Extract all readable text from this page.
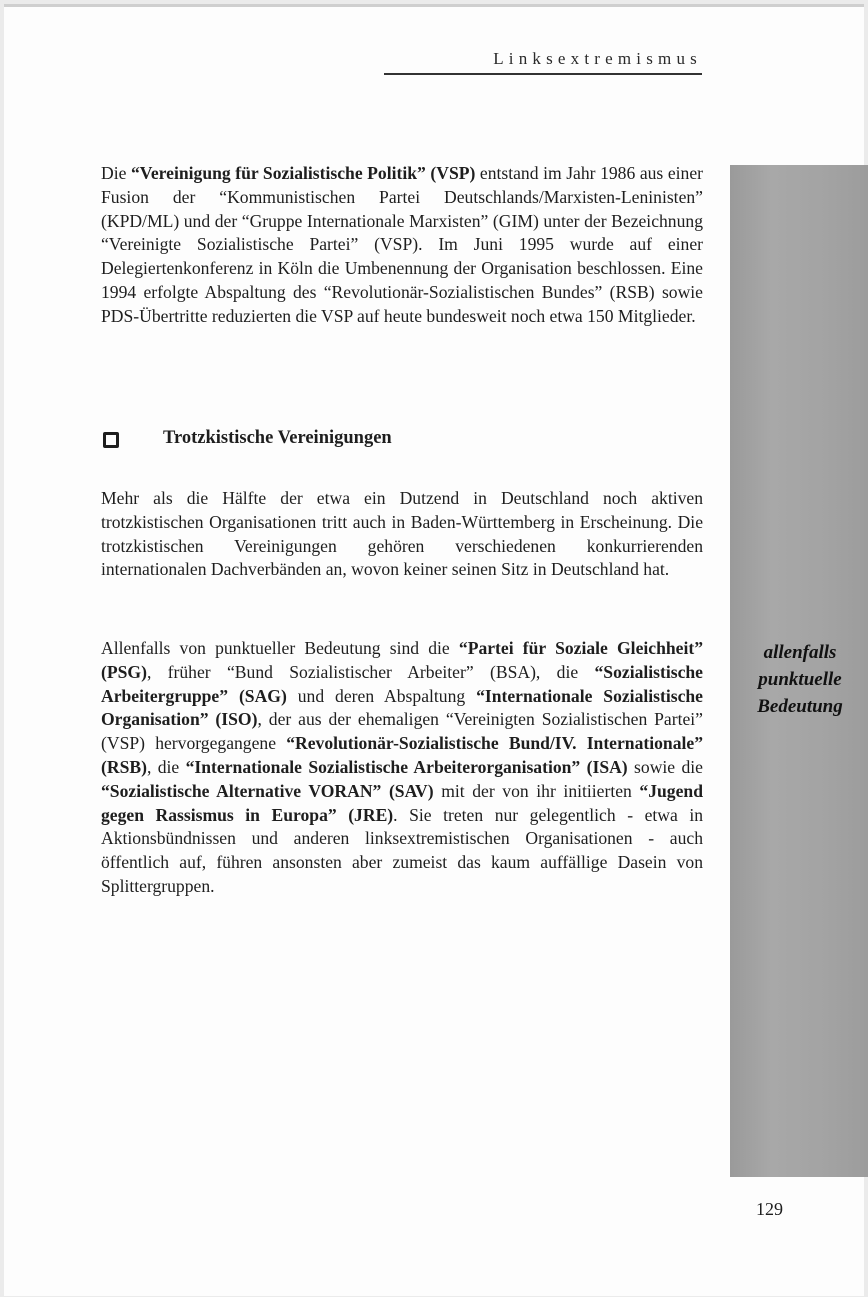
Linksextremismus

Die “Vereinigung für Sozialistische Politik” (VSP) entstand im Jahr 1986 aus einer Fusion der “Kommunistischen Partei Deutschlands/Marxisten-Leninisten” (KPD/ML) und der “Gruppe Internationale Marxisten” (GIM) unter der Bezeichnung “Vereinigte Sozialistische Partei” (VSP). Im Juni 1995 wurde auf einer Delegiertenkonferenz in Köln die Umbenennung der Organisation beschlossen. Eine 1994 erfolgte Abspaltung des “Revolutionär-Sozialistischen Bundes” (RSB) sowie PDS-Übertritte reduzierten die VSP auf heute bundesweit noch etwa 150 Mitglieder.

Trotzkistische Vereinigungen

Mehr als die Hälfte der etwa ein Dutzend in Deutschland noch aktiven trotzkistischen Organisationen tritt auch in Baden-Württemberg in Erscheinung. Die trotzkistischen Vereinigungen gehören verschiedenen konkurrierenden internationalen Dachverbänden an, wovon keiner seinen Sitz in Deutschland hat.

Allenfalls von punktueller Bedeutung sind die “Partei für Soziale Gleichheit” (PSG), früher “Bund Sozialistischer Arbeiter” (BSA), die “Sozialistische Arbeitergruppe” (SAG) und deren Abspaltung “Internationale Sozialistische Organisation” (ISO), der aus der ehemaligen “Vereinigten Sozialistischen Partei” (VSP) hervorgegangene “Revolutionär-Sozialistische Bund/IV. Internationale” (RSB), die “Internationale Sozialistische Arbeiterorganisation” (ISA) sowie die “Sozialistische Alternative VORAN” (SAV) mit der von ihr initiierten “Jugend gegen Rassismus in Europa” (JRE). Sie treten nur gelegentlich - etwa in Aktionsbündnissen und anderen linksextremistischen Organisationen - auch öffentlich auf, führen ansonsten aber zumeist das kaum auffällige Dasein von Splittergruppen.

allenfalls
punktuelle
Bedeutung
129
